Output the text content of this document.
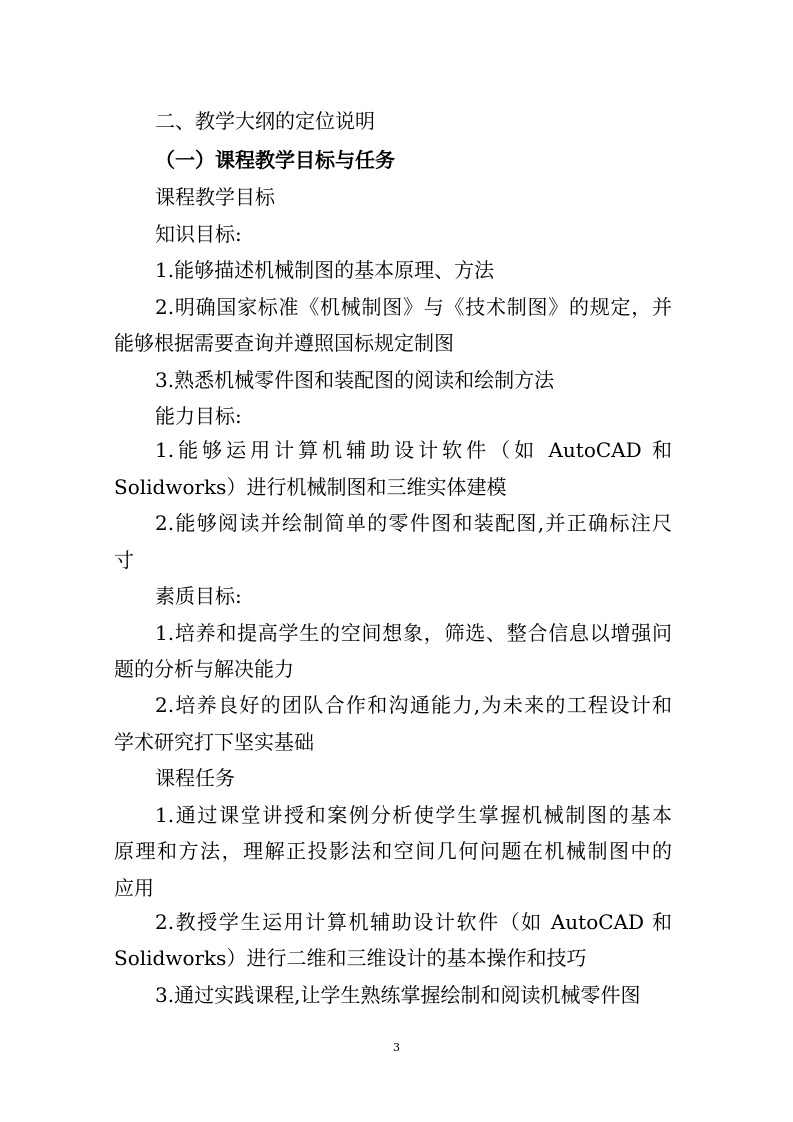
二、教学大纲的定位说明
（一）课程教学目标与任务
课程教学目标
知识目标:
1.能够描述机械制图的基本原理、方法
2.明确国家标准《机械制图》与《技术制图》的规定，并
能够根据需要查询并遵照国标规定制图
3.熟悉机械零件图和装配图的阅读和绘制方法
能力目标:
1.能够运用计算机辅助设计软件（如 AutoCAD 和
Solidworks）进行机械制图和三维实体建模
2.能够阅读并绘制简单的零件图和装配图,并正确标注尺
寸
素质目标:
1.培养和提高学生的空间想象，筛选、整合信息以增强问
题的分析与解决能力
2.培养良好的团队合作和沟通能力,为未来的工程设计和
学术研究打下坚实基础
课程任务
1.通过课堂讲授和案例分析使学生掌握机械制图的基本
原理和方法，理解正投影法和空间几何问题在机械制图中的
应用
2.教授学生运用计算机辅助设计软件（如 AutoCAD 和
Solidworks）进行二维和三维设计的基本操作和技巧
3.通过实践课程,让学生熟练掌握绘制和阅读机械零件图
3
